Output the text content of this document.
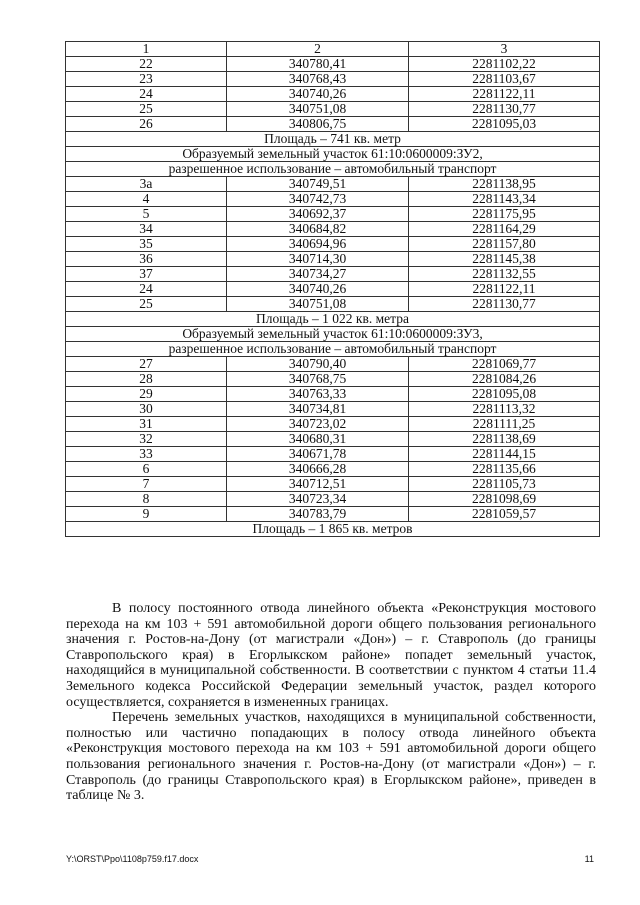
1	2	3
22	340780,41	2281102,22
23	340768,43	2281103,67
24	340740,26	2281122,11
25	340751,08	2281130,77
26	340806,75	2281095,03
Площадь – 741 кв. метр		
Образуемый земельный участок 61:10:0600009:ЗУ2,		
разрешенное использование – автомобильный транспорт		
3а	340749,51	2281138,95
4	340742,73	2281143,34
5	340692,37	2281175,95
34	340684,82	2281164,29
35	340694,96	2281157,80
36	340714,30	2281145,38
37	340734,27	2281132,55
24	340740,26	2281122,11
25	340751,08	2281130,77
Площадь – 1 022 кв. метра		
Образуемый земельный участок 61:10:0600009:ЗУ3,		
разрешенное использование – автомобильный транспорт		
27	340790,40	2281069,77
28	340768,75	2281084,26
29	340763,33	2281095,08
30	340734,81	2281113,32
31	340723,02	2281111,25
32	340680,31	2281138,69
33	340671,78	2281144,15
6	340666,28	2281135,66
7	340712,51	2281105,73
8	340723,34	2281098,69
9	340783,79	2281059,57
Площадь – 1 865 кв. метров		

В полосу постоянного отвода линейного объекта «Реконструкция мостового перехода на км 103 + 591 автомобильной дороги общего пользования регионального значения г. Ростов-на-Дону (от магистрали «Дон») – г. Ставрополь (до границы Ставропольского края) в Егорлыкском районе» попадет земельный участок, находящийся в муниципальной собственности. В соответствии с пунктом 4 статьи 11.4 Земельного кодекса Российской Федерации земельный участок, раздел которого осуществляется, сохраняется в измененных границах.

Перечень земельных участков, находящихся в муниципальной собственности, полностью или частично попадающих в полосу отвода линейного объекта «Реконструкция мостового перехода на км 103 + 591 автомобильной дороги общего пользования регионального значения г. Ростов-на-Дону (от магистрали «Дон») – г. Ставрополь (до границы Ставропольского края) в Егорлыкском районе», приведен в таблице № 3.

Y:\ORST\Ppo\1108p759.f17.docx	11
